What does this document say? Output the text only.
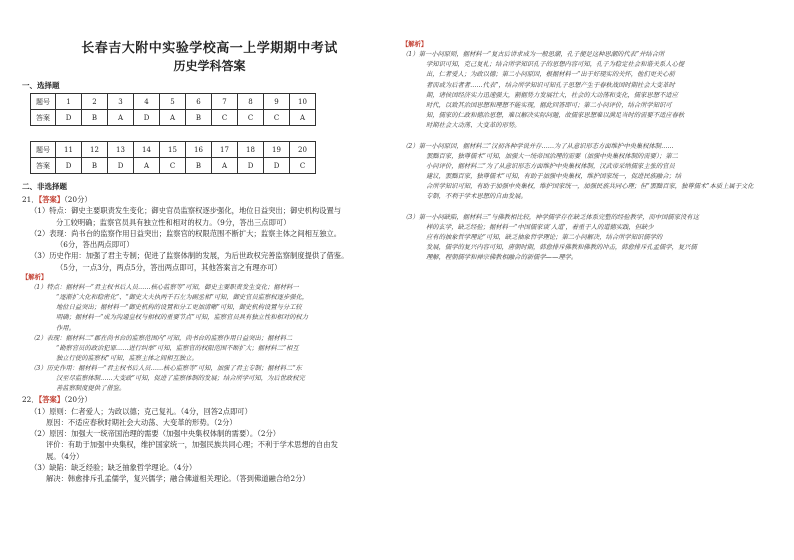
长春吉大附中实验学校高一上学期期中考试
历史学科答案
一、选择题
题号	1	2	3	4	5	6	7	8	9	10
答案	D	B	A	D	A	B	C	C	C	A

题号	11	12	13	14	15	16	17	18	19	20
答案	D	B	D	A	C	B	A	D	D	C
二、非选择题
21．【答案】（20分）
（1）特点：御史主要职责发生变化；御史官员监察权逐步强化，地位日益突出；御史机构设置与
分工较明确；监察官员具有独立性和相对的权力。（9分，答出三点即可）
（2）表现：尚书台的监察作用日益突出；监察官的权限范围不断扩大；监察主体之间相互独立。
（6分，答出两点即可）
（3）历史作用：加强了君主专制；促进了监察体制的发展，为后世政权完善监察制度提供了借鉴。
（5分，一点3分，两点5分，答出两点即可，其他答案言之有理亦可）
【解析】
（1）特点：据材料一“君主权书后人员……核心监察等”可知，御史主要职责发生变化；据材料一
“逐渐扩大化和稳密化”、“御史大夫执两千石左为副丞相”可知，御史官员监察权逐步强化，
地位日益突出；据材料一“御史机构的设置和分工更加清晰”可知，御史机构设置与分工较
明确；据材料一“成为沟通皇权与相权的重要节点”可知，监察官员具有独立性和相对的权力
作用。
（2）表现：据材料二“郡在尚书台的监察范围内”可知，尚书台的监察作用日益突出；据材料二
“勘察官员的政治犯罪……进行纠举”可知，监察官的权限范围不断扩大；据材料二“相互
独立行使的监察权”可知，监察主体之间相互独立。
（3）历史作用：据材料一“君主权书后人员……核心监察等”可知，加强了君主专制；据材料二“东
汉至尽监察体制……大变政”可知，促进了监察体制的发展；结合所学可知，为后世政权完
善监察制度提供了借鉴。
22．【答案】（20分）
（1）原则：仁者爱人；为政以德；克己复礼。（4分，回答2点即可）
原因：不适应春秋时期社会大动荡、大变革的形势。（2分）
（2）原因：加强大一统帝国治理的需要（加强中央集权体制的需要）。（2分）
评价：有助于加强中央集权，维护国家统一，加强民族共同心理；不利于学术思想的自由发
展。（4分）
（3）缺陷：缺乏经验；缺乏抽象哲学理论。（4分）
解决：韩愈排斥孔孟儒学，复兴儒学；融合佛道相关理论。（答到佛道融合给2分）
【解析】
（1）第一小问原则，据材料一“复古后讲求成为一般思潮，孔子便是这种思潮的代表”并结合所
学知识可知，克己复礼；结合所学知识孔子的思想内容可知，孔子为稳定社会和谐关系人心提
出，仁者爱人；为政以德；第二小问原因，根据材料一“出于好现实的关怀，他们更关心前
者而或为后者者……代表”，结合所学知识可知孔子思想产生于春秋战国时期社会大变革时
期，诸侯国经济实力迅速强大，割据势力发展壮大，社会的大动荡和变化，儒家思想不适应
时代，以致其治国思想和理想不能实现，据此回答即可；第二小问评价，结合所学知识可
知，儒家的仁政和德治思想，难以解决实际问题，故儒家思想难以满足当时的需要不适应春秋
时期社会大动荡、大变革的形势。

（2）第一小问原因，据材料二“汉初各种学说并存……为了从意识形态方面维护中央集权体制……
罢黜百家，独尊儒术”可知，加强大一统帝国治理的需要（加强中央集权体制的需要）；第二
小问评价，据材料二“为了从意识形态方面维护中央集权体制，汉武帝采纳儒家主张的官员
建议，罢黜百家，独尊儒术”可知，有助于加强中央集权，维护国家统一，促进民族融合；结
合所学知识可知，有助于加强中央集权，维护国家统一，加强民族共同心理；但“罢黜百家，独尊儒术”本质上属于文化
专制，不利于学术思想的自由发展。

（3）第一小问缺陷，据材料三“与佛教相比较，神学儒学存在缺乏体系完整的经验教学，而中国儒家没有这
样的玄学，缺乏经验；据材料一“中国儒家谈‘人道’，着重于人的道德实践，但缺少
应有的抽象哲学理论”可知，缺乏抽象哲学理论；第二小问解决，结合所学知识儒学的
发展，儒学的复兴内容可知，唐朝时期，韩愈排斥佛教和佛教的冲击，韩愈排斥孔孟儒学，复兴儒
理解，程朝儒学和禅宗佛教相融合的新儒学——理学。
